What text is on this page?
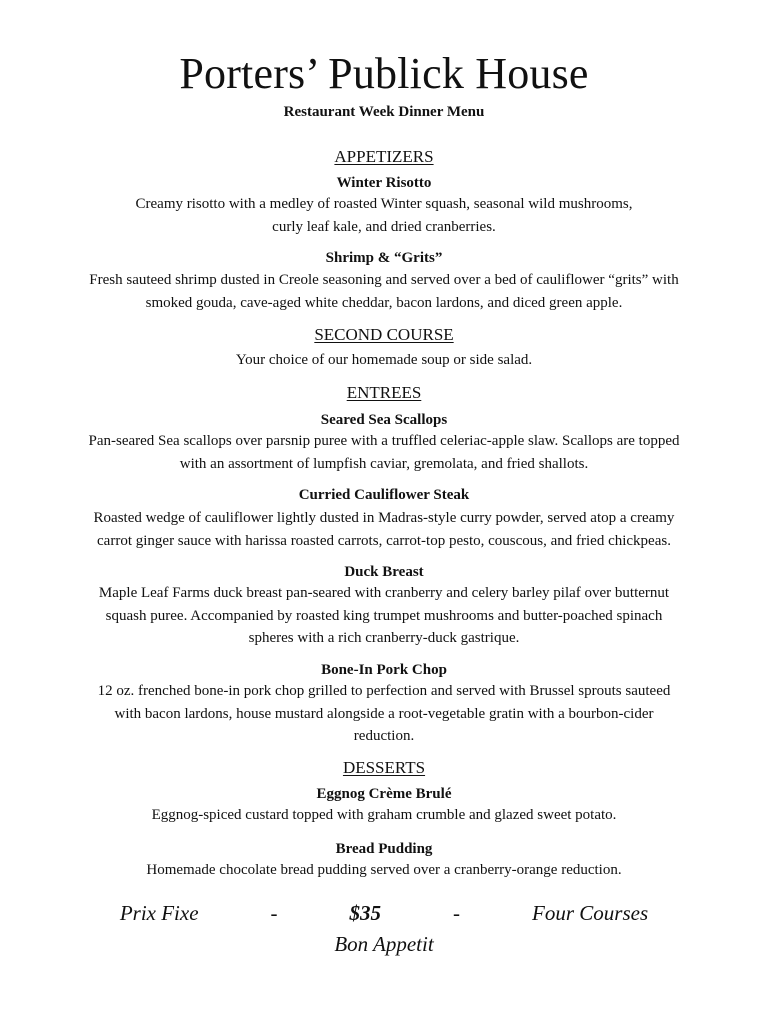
Porters’ Publick House
Restaurant Week Dinner Menu
APPETIZERS
Winter Risotto
Creamy risotto with a medley of roasted Winter squash, seasonal wild mushrooms,
curly leaf kale, and dried cranberries.
Shrimp & “Grits”
Fresh sauteed shrimp dusted in Creole seasoning and served over a bed of cauliflower “grits” with
smoked gouda, cave-aged white cheddar, bacon lardons, and diced green apple.
SECOND COURSE
Your choice of our homemade soup or side salad.
ENTREES
Seared Sea Scallops
Pan-seared Sea scallops over parsnip puree with a truffled celeriac-apple slaw. Scallops are topped
with an assortment of lumpfish caviar, gremolata, and fried shallots.
Curried Cauliflower Steak
Roasted wedge of cauliflower lightly dusted in Madras-style curry powder, served atop a creamy
carrot ginger sauce with harissa roasted carrots, carrot-top pesto, couscous, and fried chickpeas.
Duck Breast
Maple Leaf Farms duck breast pan-seared with cranberry and celery barley pilaf over butternut
squash puree. Accompanied by roasted king trumpet mushrooms and butter-poached spinach
spheres with a rich cranberry-duck gastrique.
Bone-In Pork Chop
12 oz. frenched bone-in pork chop grilled to perfection and served with Brussel sprouts sauteed
with bacon lardons, house mustard alongside a root-vegetable gratin with a bourbon-cider
reduction.
DESSERTS
Eggnog Crème Brulé
Eggnog-spiced custard topped with graham crumble and glazed sweet potato.
Bread Pudding
Homemade chocolate bread pudding served over a cranberry-orange reduction.
Prix Fixe	-	$35	-	Four Courses
Bon Appetit
